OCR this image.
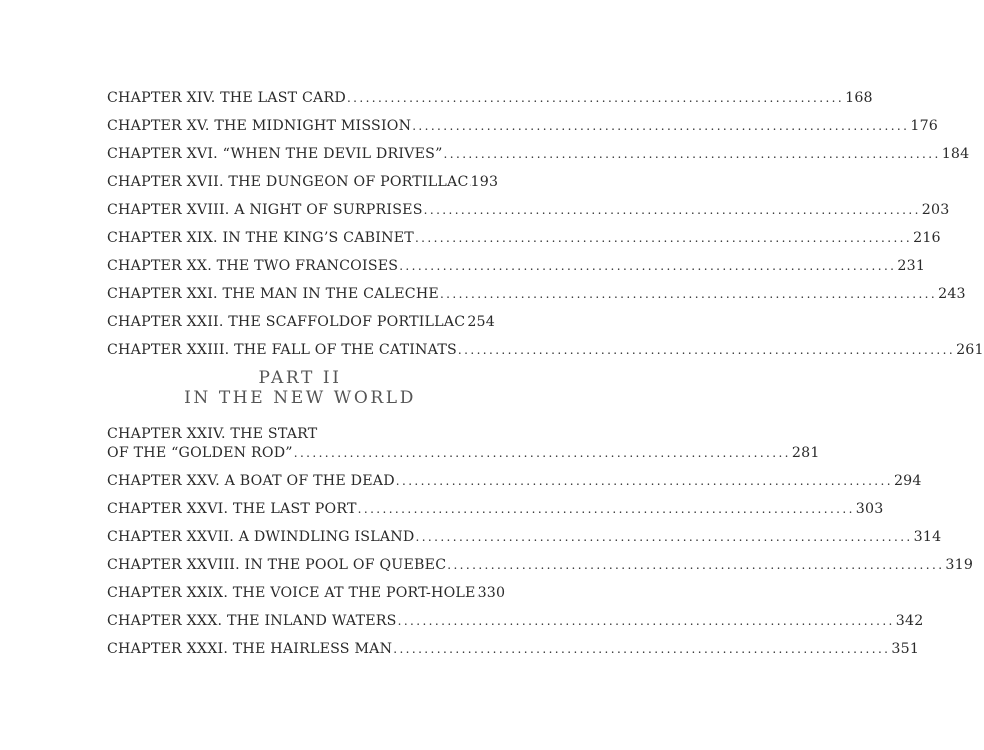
CHAPTER XIV. THE LAST CARD ................................................................................ 168
CHAPTER XV. THE MIDNIGHT MISSION ................................................................................ 176
CHAPTER XVI. “WHEN THE DEVIL DRIVES” ................................................................................ 184
CHAPTER XVII. THE DUNGEON OF PORTILLAC 193
CHAPTER XVIII. A NIGHT OF SURPRISES ................................................................................ 203
CHAPTER XIX. IN THE KING’S CABINET ................................................................................ 216
CHAPTER XX. THE TWO FRANCOISES ................................................................................ 231
CHAPTER XXI. THE MAN IN THE CALECHE ................................................................................ 243
CHAPTER XXII. THE SCAFFOLDOF PORTILLAC 254
CHAPTER XXIII. THE FALL OF THE CATINATS ................................................................................ 261
CHAPTER XXIV. THE START
OF THE “GOLDEN ROD” ................................................................................ 281
CHAPTER XXV. A BOAT OF THE DEAD ................................................................................ 294
CHAPTER XXVI. THE LAST PORT ................................................................................ 303
CHAPTER XXVII. A DWINDLING ISLAND ................................................................................ 314
CHAPTER XXVIII. IN THE POOL OF QUEBEC ................................................................................ 319
CHAPTER XXIX. THE VOICE AT THE PORT-HOLE 330
CHAPTER XXX. THE INLAND WATERS ................................................................................ 342
CHAPTER XXXI. THE HAIRLESS MAN ................................................................................ 351
PART II
IN THE NEW WORLD
